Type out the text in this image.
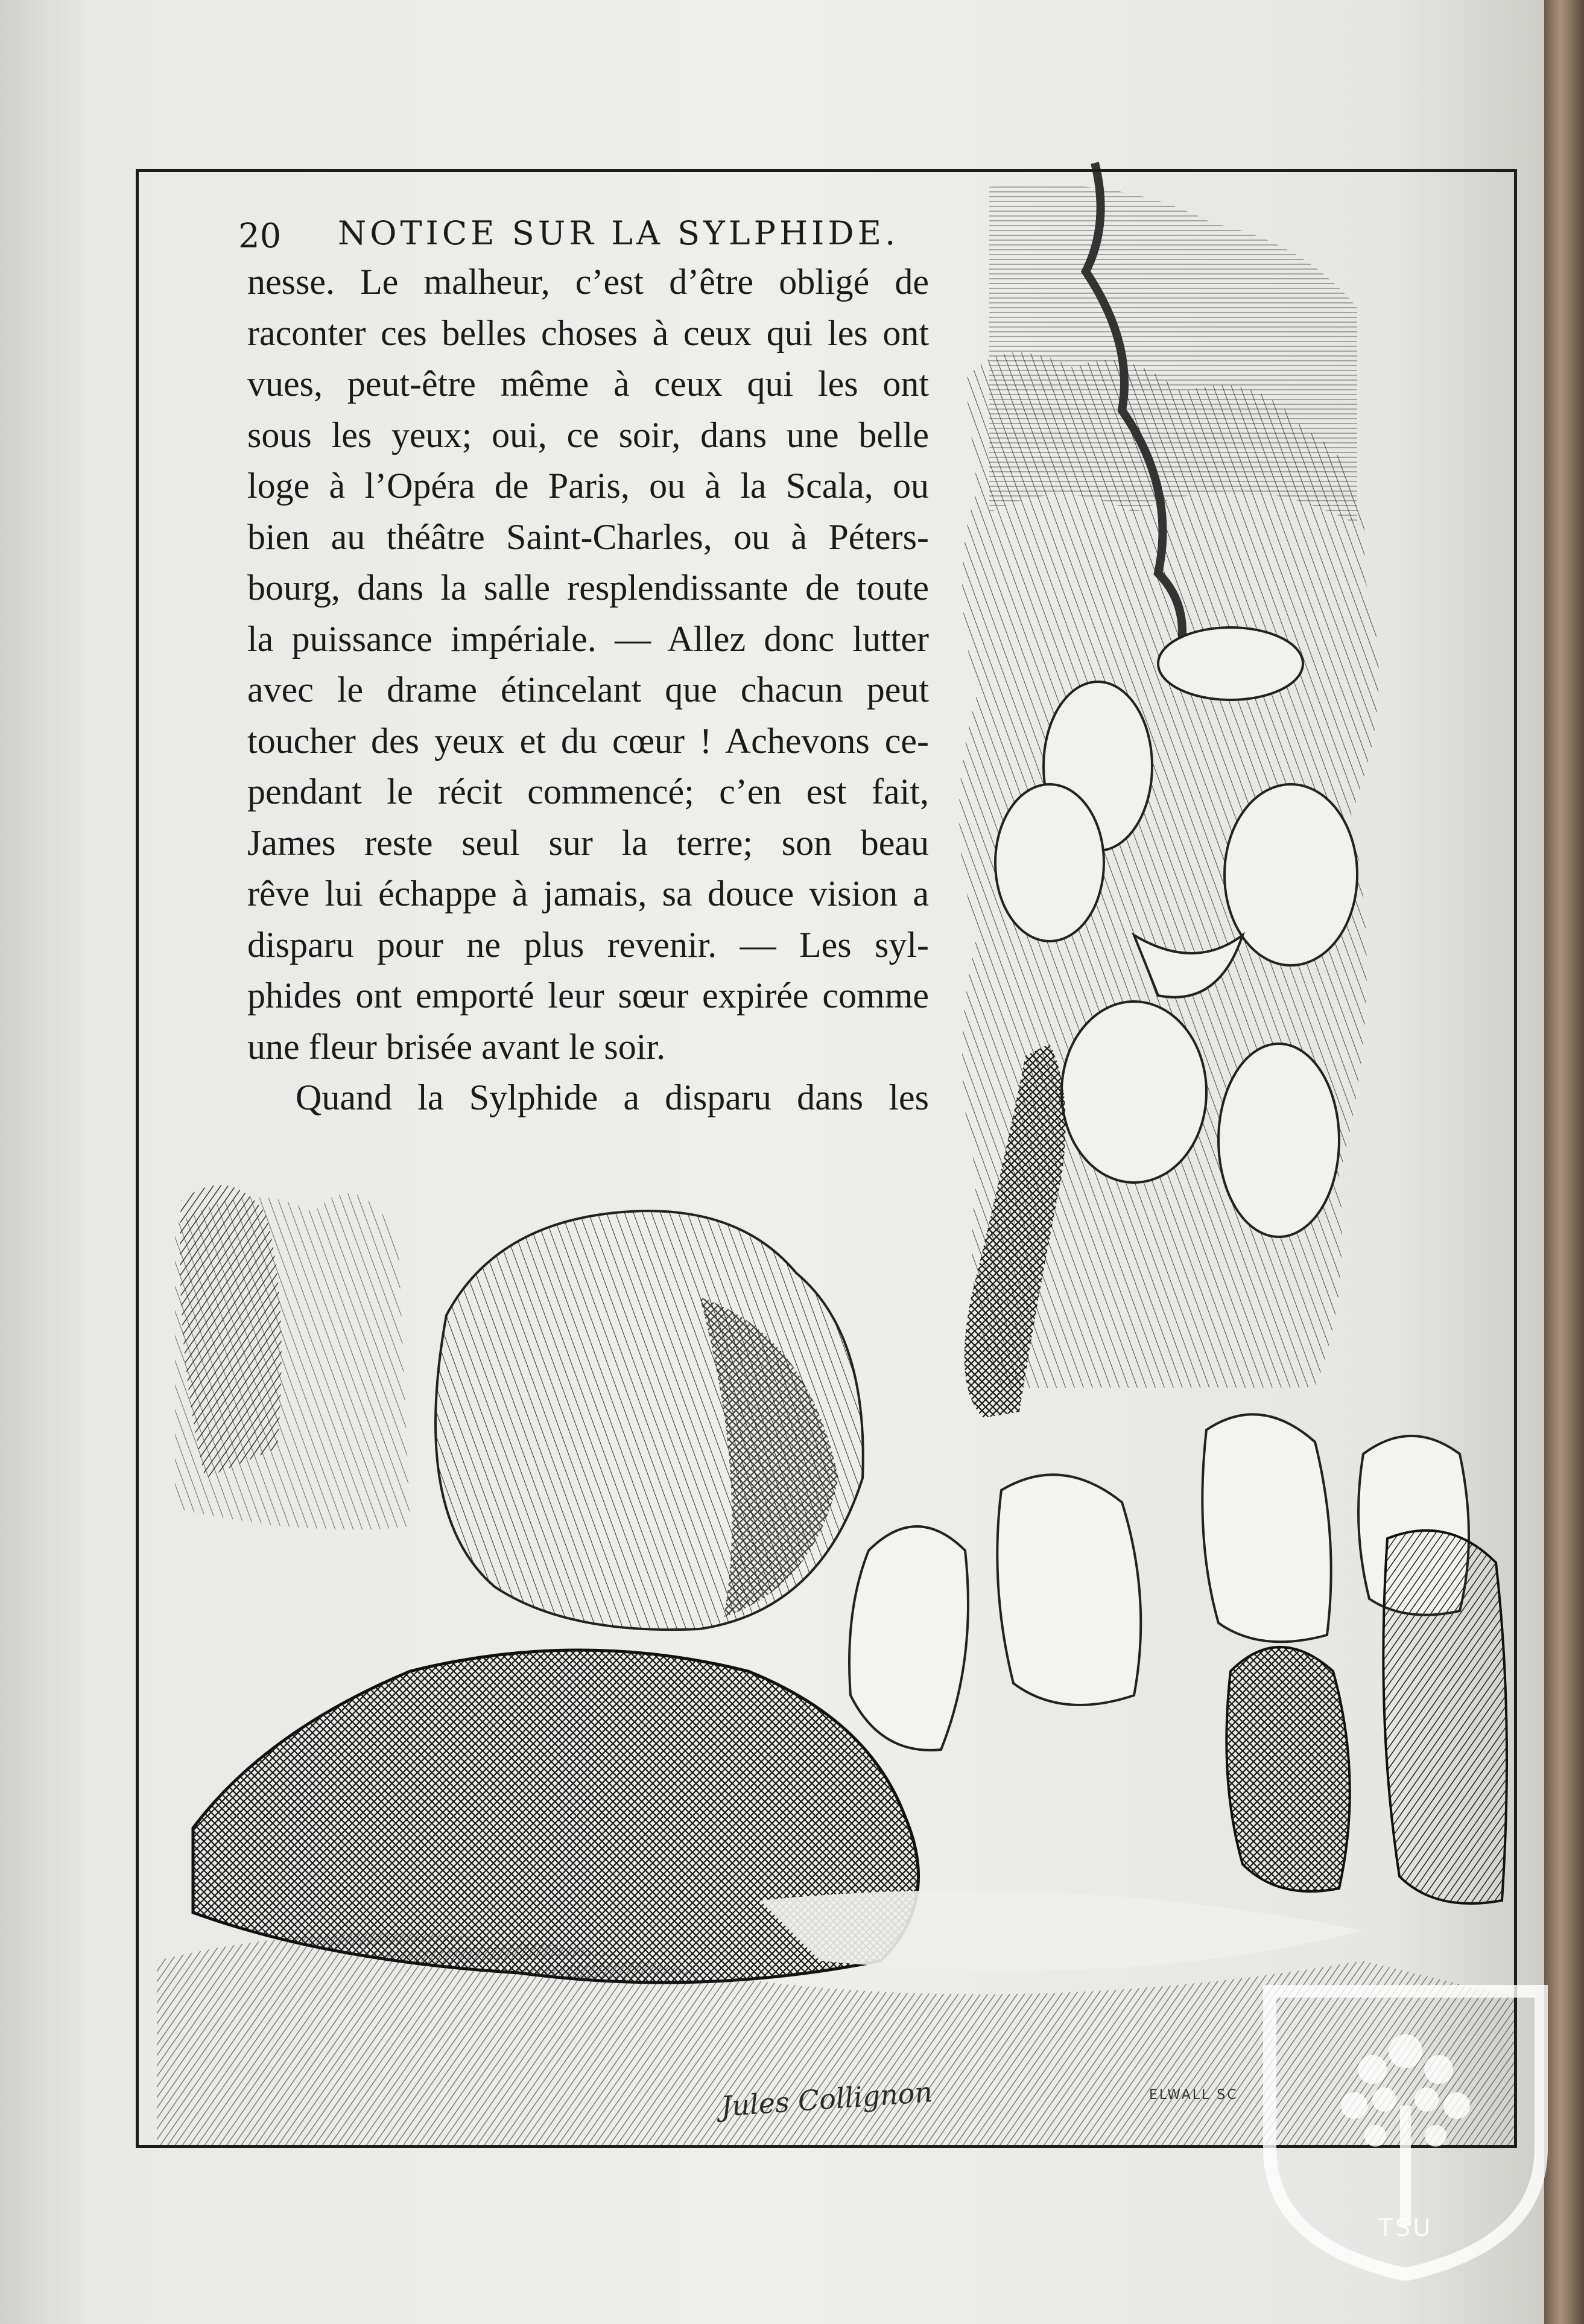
20 NOTICE SUR LA SYLPHIDE.
nesse. Le malheur, c’est d’être obligé de
raconter ces belles choses à ceux qui les ont
vues, peut-être même à ceux qui les ont
sous les yeux; oui, ce soir, dans une belle
loge à l’Opéra de Paris, ou à la Scala, ou
bien au théâtre Saint-Charles, ou à Péters-
bourg, dans la salle resplendissante de toute
la puissance impériale. — Allez donc lutter
avec le drame étincelant que chacun peut
toucher des yeux et du cœur ! Achevons ce-
pendant le récit commencé; c’en est fait,
James reste seul sur la terre; son beau
rêve lui échappe à jamais, sa douce vision a
disparu pour ne plus revenir. — Les syl-
phides ont emporté leur sœur expirée comme
une fleur brisée avant le soir.
Quand la Sylphide a disparu dans les
Jules Collignon	ELWALL SC
TSU
